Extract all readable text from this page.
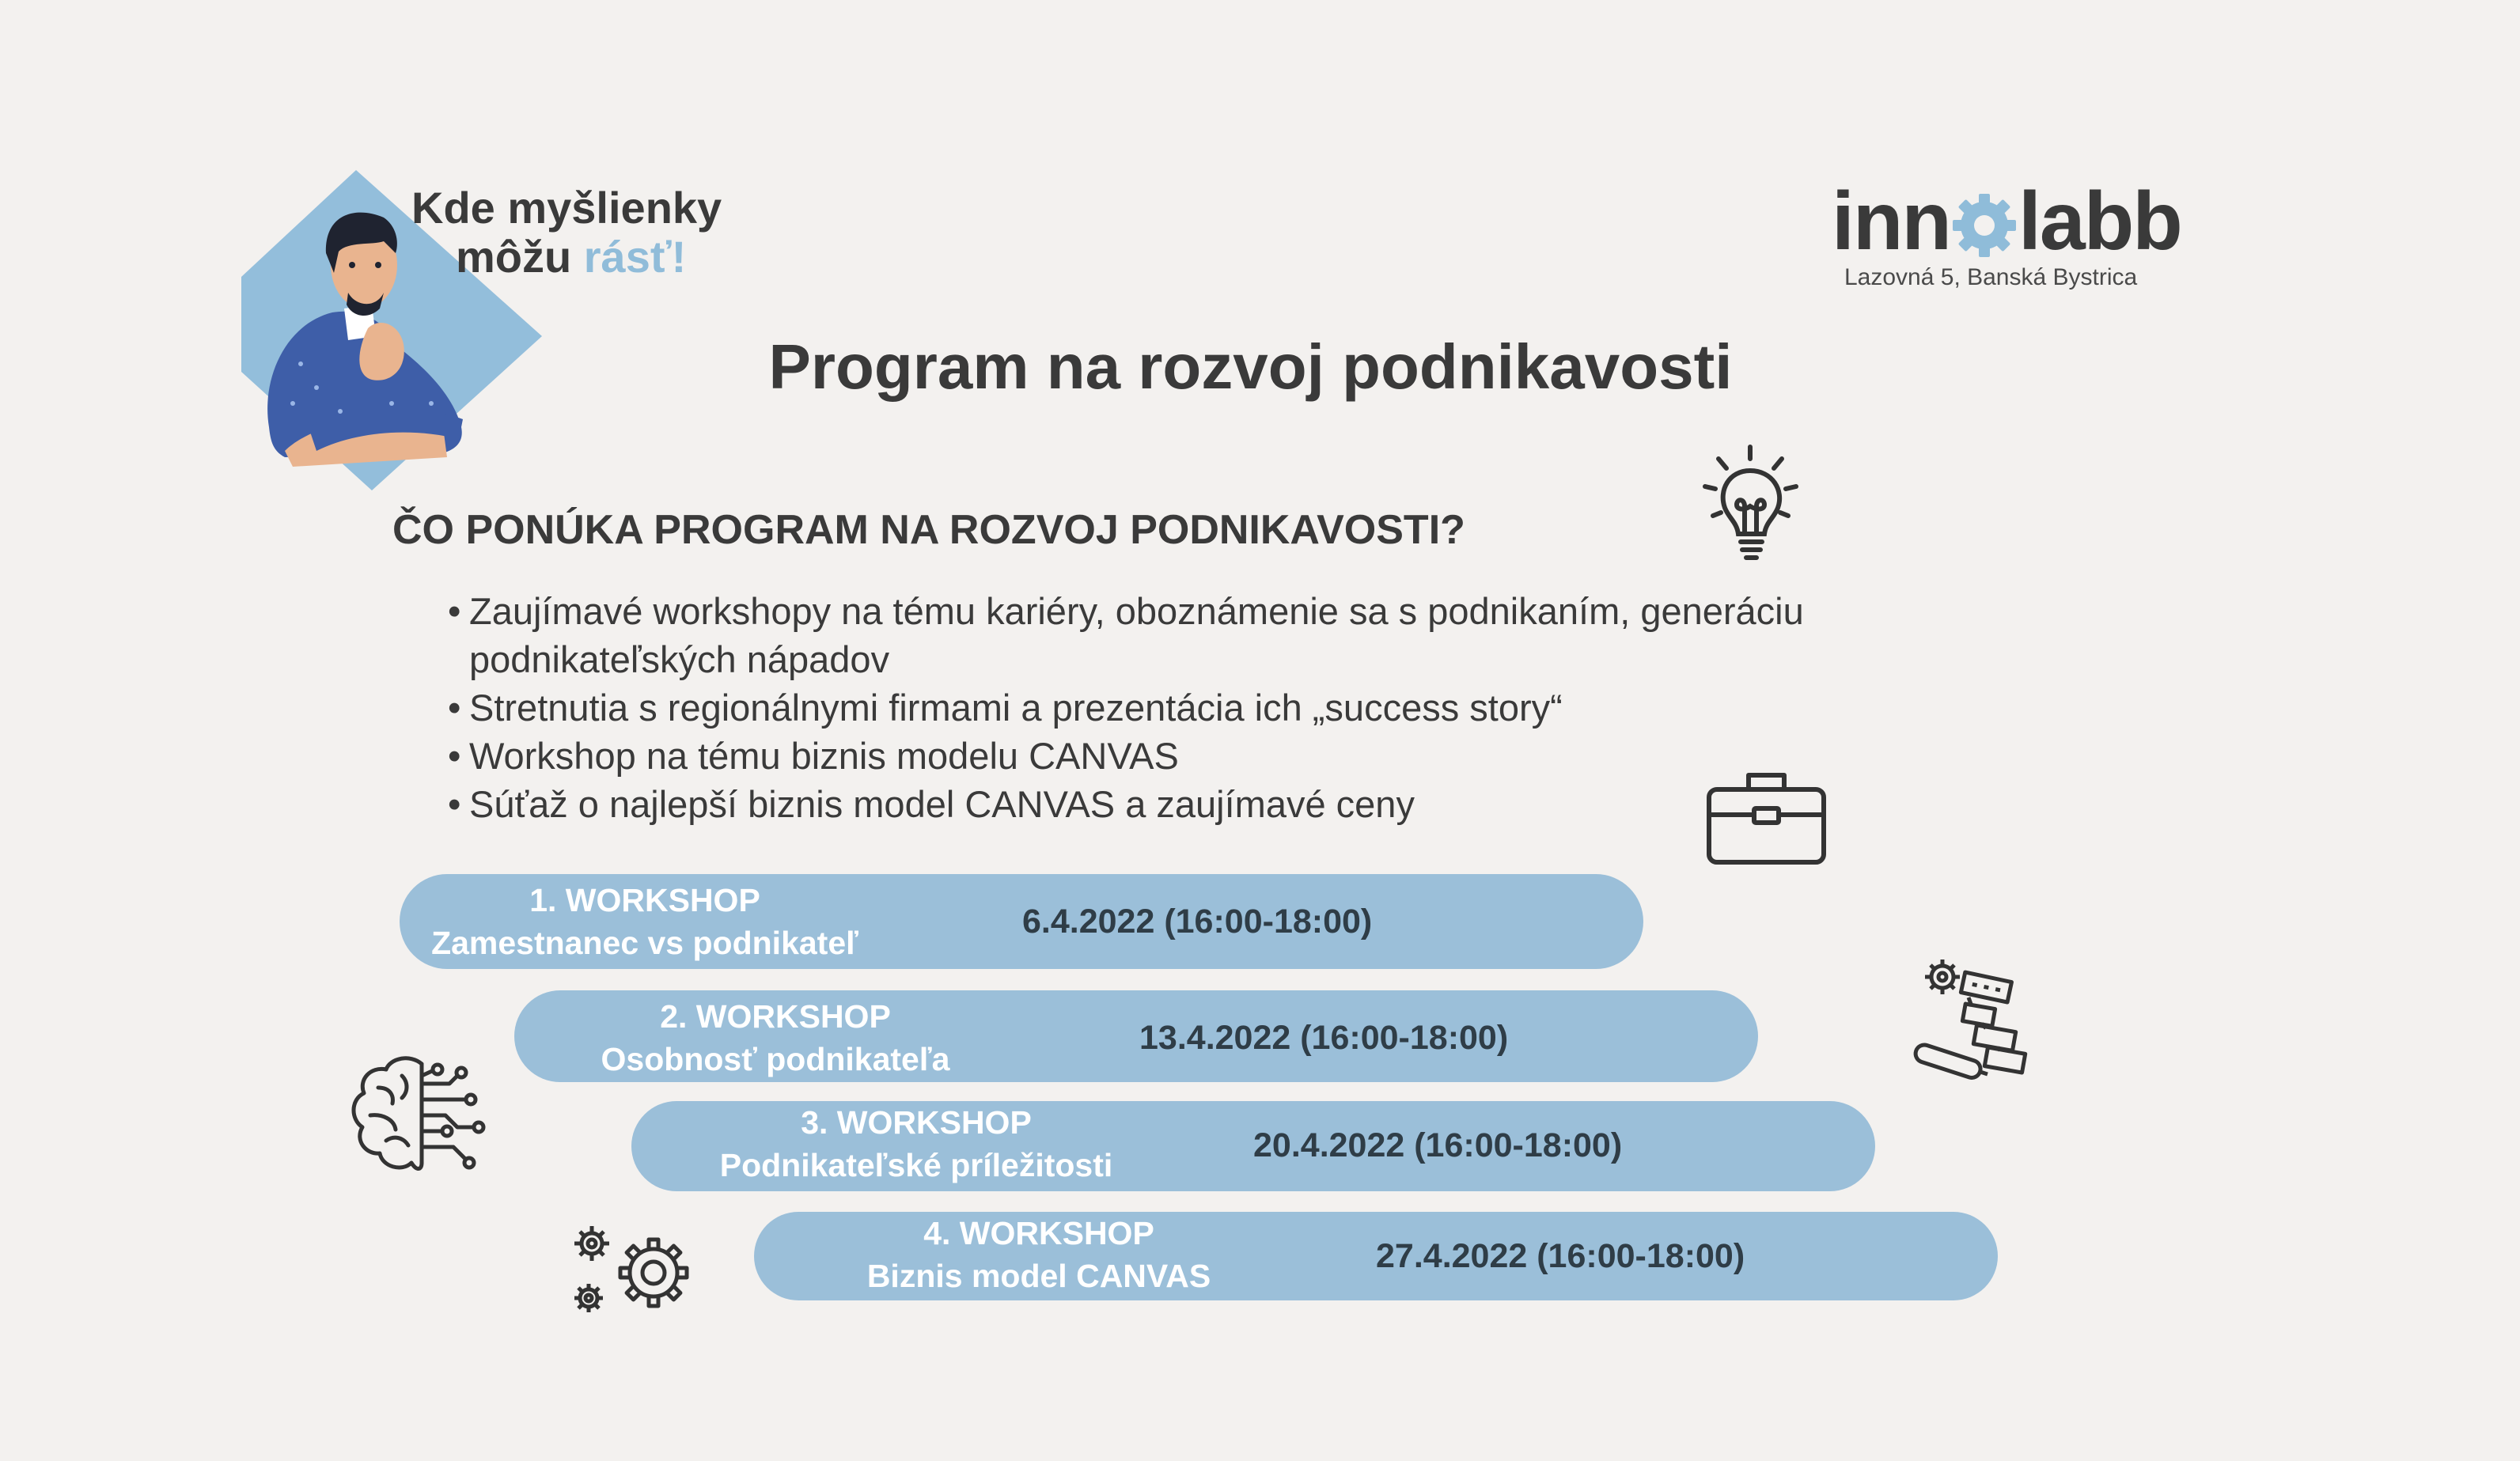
Kde myšlienky
môžu rásť!	inn labb
Lazovná 5, Banská Bystrica
Program na rozvoj podnikavosti
ČO PONÚKA PROGRAM NA ROZVOJ PODNIKAVOSTI?
• Zaujímavé workshopy na tému kariéry, oboznámenie sa s podnikaním, generáciu podnikateľských nápadov
• Stretnutia s regionálnymi firmami a prezentácia ich „success story“
• Workshop na tému biznis modelu CANVAS
• Súťaž o najlepší biznis model CANVAS a zaujímavé ceny
1. WORKSHOP
Zamestnanec vs podnikateľ
6.4.2022 (16:00-18:00)
2. WORKSHOP
Osobnosť podnikateľa
13.4.2022 (16:00-18:00)
3. WORKSHOP
Podnikateľské príležitosti
20.4.2022 (16:00-18:00)
4. WORKSHOP
Biznis model CANVAS
27.4.2022 (16:00-18:00)
